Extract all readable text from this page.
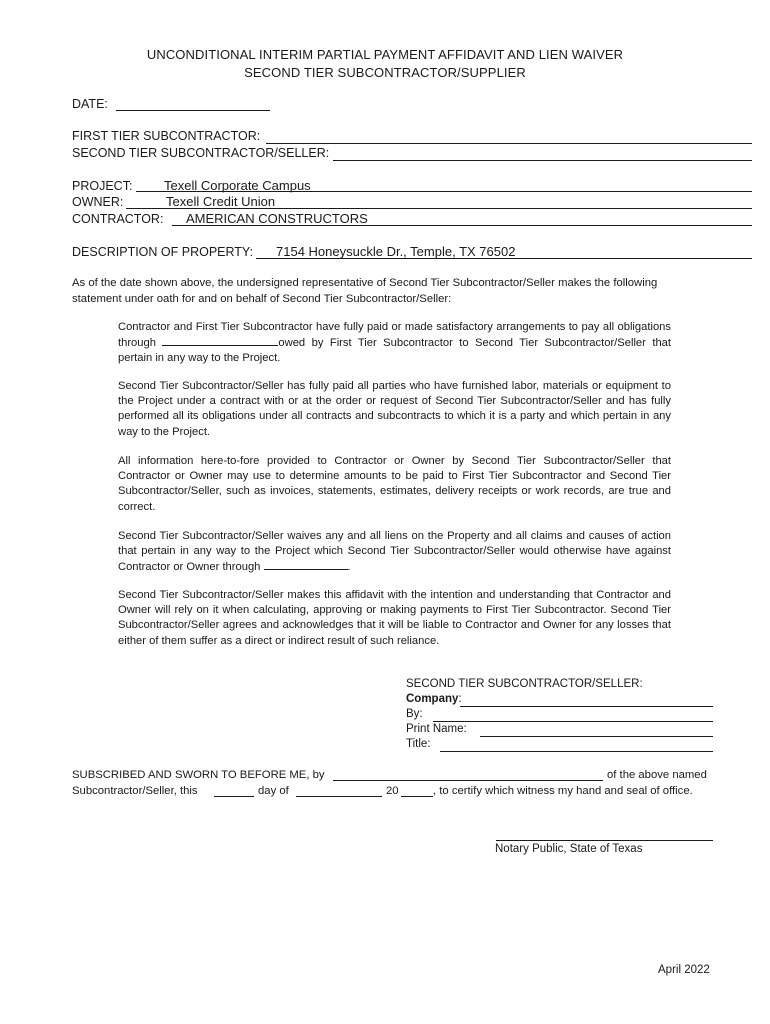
UNCONDITIONAL INTERIM PARTIAL PAYMENT AFFIDAVIT AND LIEN WAIVER
SECOND TIER SUBCONTRACTOR/SUPPLIER
DATE:
FIRST TIER SUBCONTRACTOR:
SECOND TIER SUBCONTRACTOR/SELLER:
PROJECT: Texell Corporate Campus
OWNER:	Texell Credit Union
CONTRACTOR: AMERICAN CONSTRUCTORS
DESCRIPTION OF PROPERTY: 7154 Honeysuckle Dr., Temple, TX 76502
As of the date shown above, the undersigned representative of Second Tier Subcontractor/Seller makes the following
statement under oath for and on behalf of Second Tier Subcontractor/Seller:
Contractor and First Tier Subcontractor have fully paid or made satisfactory arrangements to pay all obligations through	owed by First Tier Subcontractor to Second Tier Subcontractor/Seller that pertain in any way to the Project.
Second Tier Subcontractor/Seller has fully paid all parties who have furnished labor, materials or equipment to the Project under a contract with or at the order or request of Second Tier Subcontractor/Seller and has fully performed all its obligations under all contracts and subcontracts to which it is a party and which pertain in any way to the Project.
All information here-to-fore provided to Contractor or Owner by Second Tier Subcontractor/Seller that Contractor or Owner may use to determine amounts to be paid to First Tier Subcontractor and Second Tier Subcontractor/Seller, such as invoices, statements, estimates, delivery receipts or work records, are true and correct.
Second Tier Subcontractor/Seller waives any and all liens on the Property and all claims and causes of action that pertain in any way to the Project which Second Tier Subcontractor/Seller would otherwise have against Contractor or Owner through	.
Second Tier Subcontractor/Seller makes this affidavit with the intention and understanding that Contractor and Owner will rely on it when calculating, approving or making payments to First Tier Subcontractor. Second Tier Subcontractor/Seller agrees and acknowledges that it will be liable to Contractor and Owner for any losses that either of them suffer as a direct or indirect result of such reliance.
SECOND TIER SUBCONTRACTOR/SELLER:
Company:
By:
Print Name:
Title:
SUBSCRIBED AND SWORN TO BEFORE ME, by	of the above named
Subcontractor/Seller, this	day of	20	, to certify which witness my hand and seal of office.
Notary Public, State of Texas
April 2022
